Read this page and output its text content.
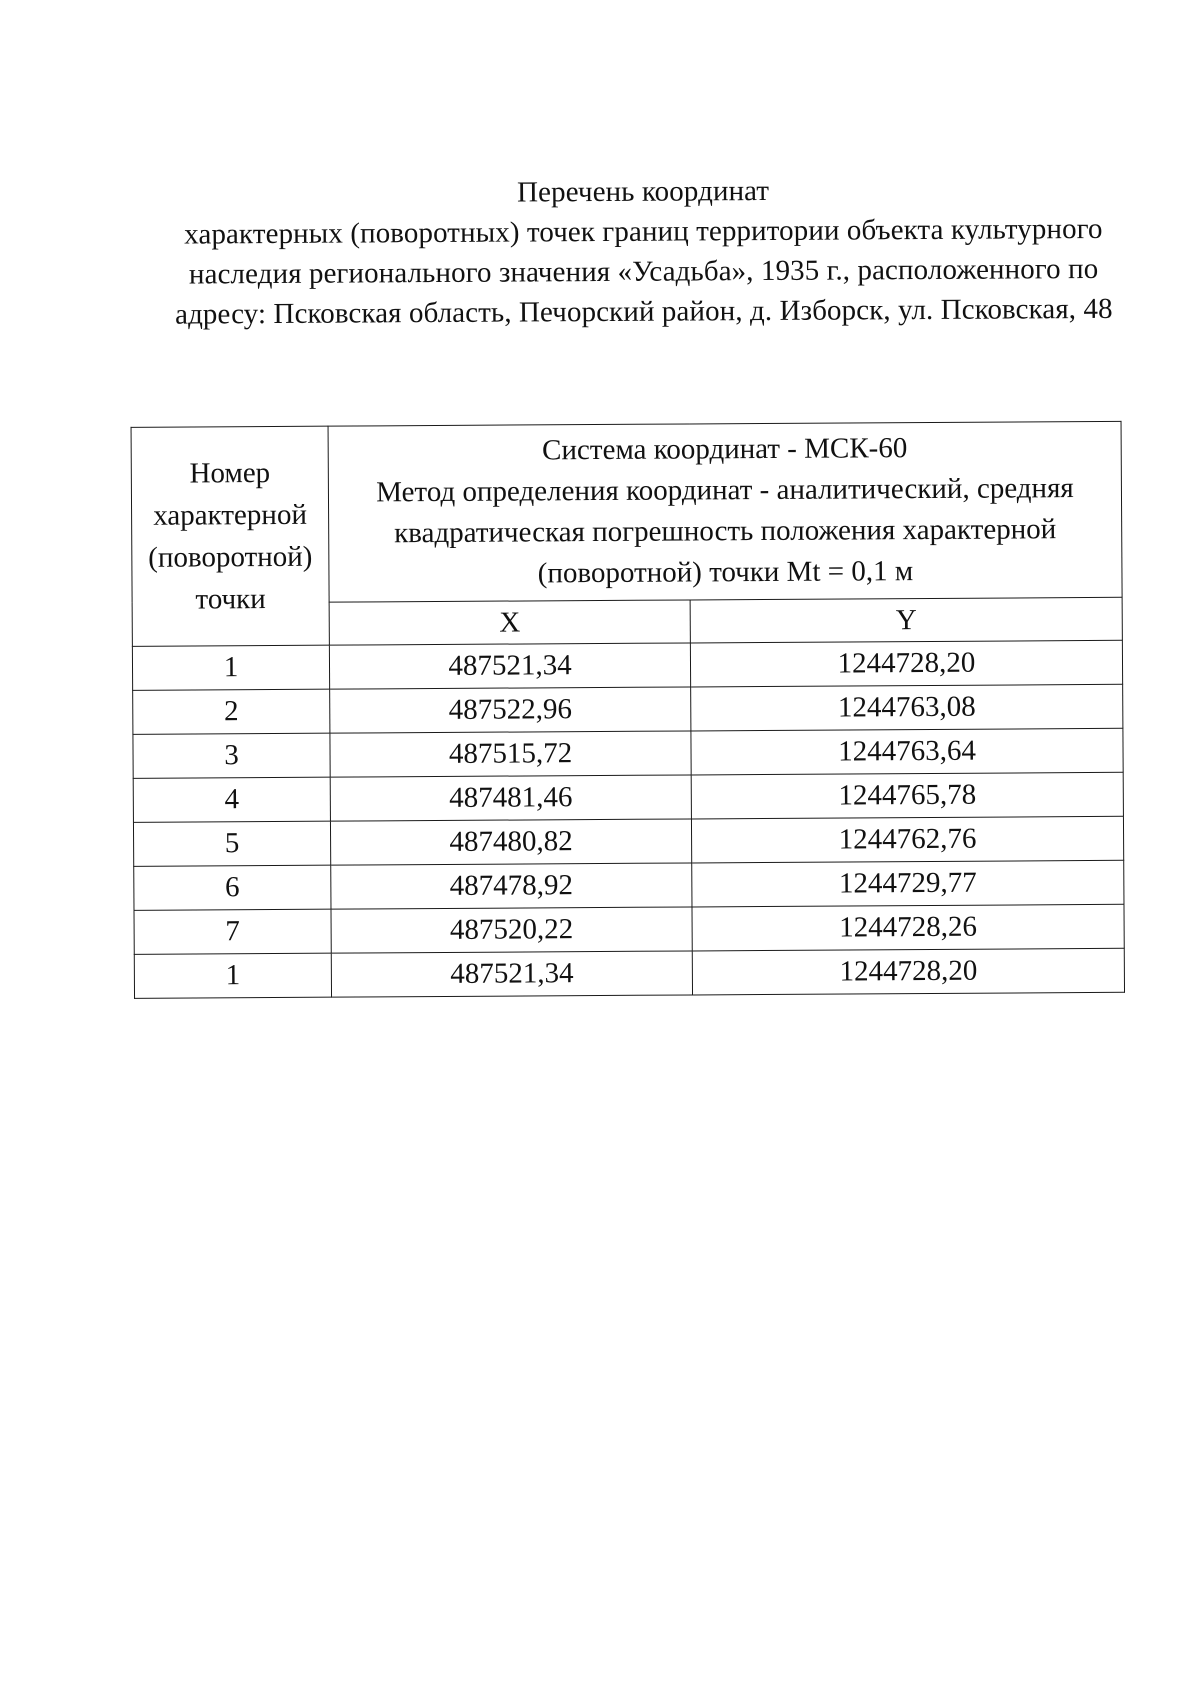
Перечень координат
характерных (поворотных) точек границ территории объекта культурного
наследия регионального значения «Усадьба», 1935 г., расположенного по
адресу: Псковская область, Печорский район, д. Изборск, ул. Псковская, 48
Номер
характерной
(поворотной)
точки	Система координат - МСК-60
Метод определения координат - аналитический, средняя
квадратическая погрешность положения характерной
(поворотной) точки Mt = 0,1 м	

	X	Y
1	487521,34	1244728,20
2	487522,96	1244763,08
3	487515,72	1244763,64
4	487481,46	1244765,78
5	487480,82	1244762,76
6	487478,92	1244729,77
7	487520,22	1244728,26
1	487521,34	1244728,20
